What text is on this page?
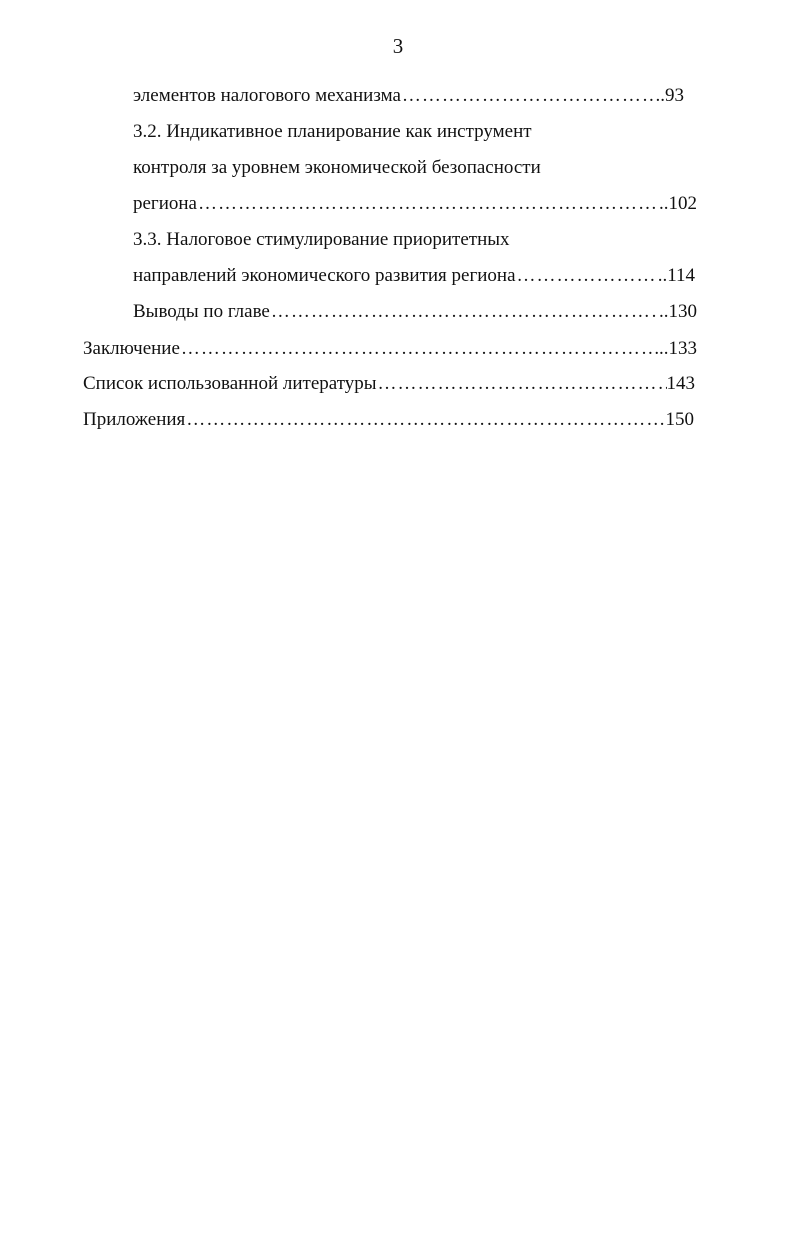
3
элементов налогового механизма ……………………………………………………………………………………………………………………………………………………………………	..93
3.2. Индикативное планирование как инструмент
контроля за уровнем экономической безопасности
региона ……………………………………………………………………………………………………………………………………………………………………	..102
3.3. Налоговое стимулирование приоритетных
направлений экономического развития региона ……………………………………………………………………………………………………………………………………………………………………	..114
Выводы по главе ……………………………………………………………………………………………………………………………………………………………………	..130
Заключение ……………………………………………………………………………………………………………………………………………………………………	..133
Список использованной литературы ……………………………………………………………………………………………………………………………………………………………………	143
Приложения ……………………………………………………………………………………………………………………………………………………………………	150
